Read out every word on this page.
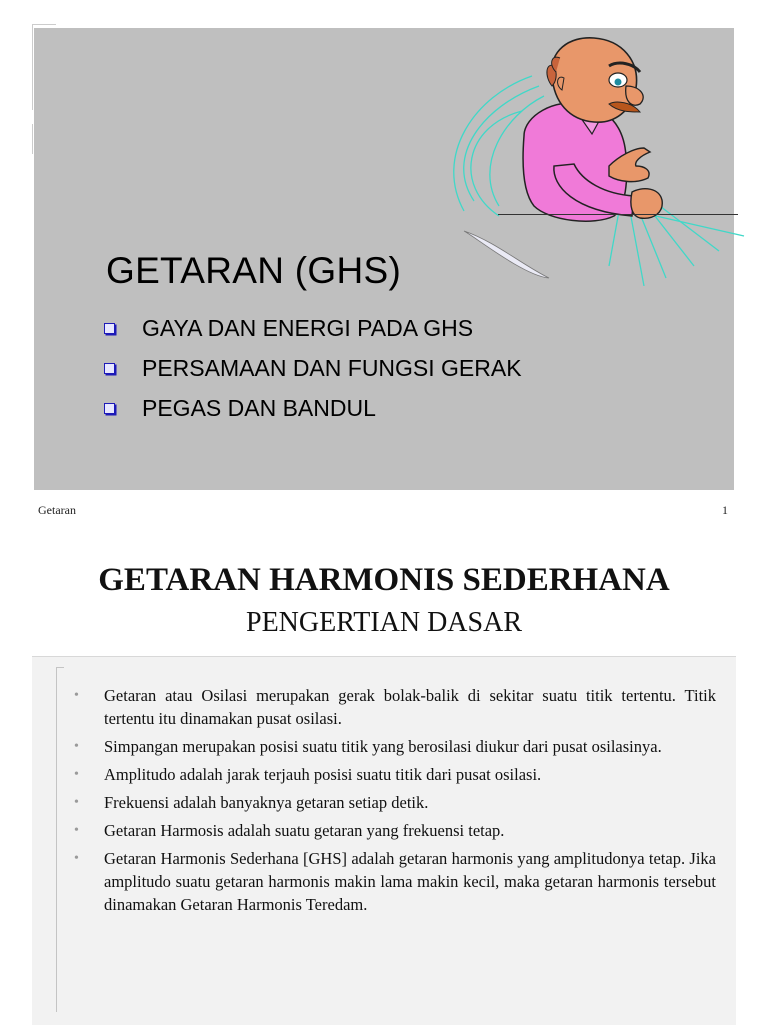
GETARAN (GHS)
GAYA DAN ENERGI PADA GHS
PERSAMAAN DAN FUNGSI GERAK
PEGAS DAN BANDUL
Getaran	1
GETARAN HARMONIS SEDERHANA
PENGERTIAN DASAR
• Getaran atau Osilasi merupakan gerak bolak-balik di sekitar suatu titik tertentu. Titik tertentu itu dinamakan pusat osilasi.
• Simpangan merupakan posisi suatu titik yang berosilasi diukur dari pusat osilasinya.
• Amplitudo adalah jarak terjauh posisi suatu titik dari pusat osilasi.
• Frekuensi adalah banyaknya getaran setiap detik.
• Getaran Harmosis adalah suatu getaran yang frekuensi tetap.
• Getaran Harmonis Sederhana [GHS] adalah getaran harmonis yang amplitudonya tetap. Jika amplitudo suatu getaran harmonis makin lama makin kecil, maka getaran harmonis tersebut dinamakan Getaran Harmonis Teredam.
